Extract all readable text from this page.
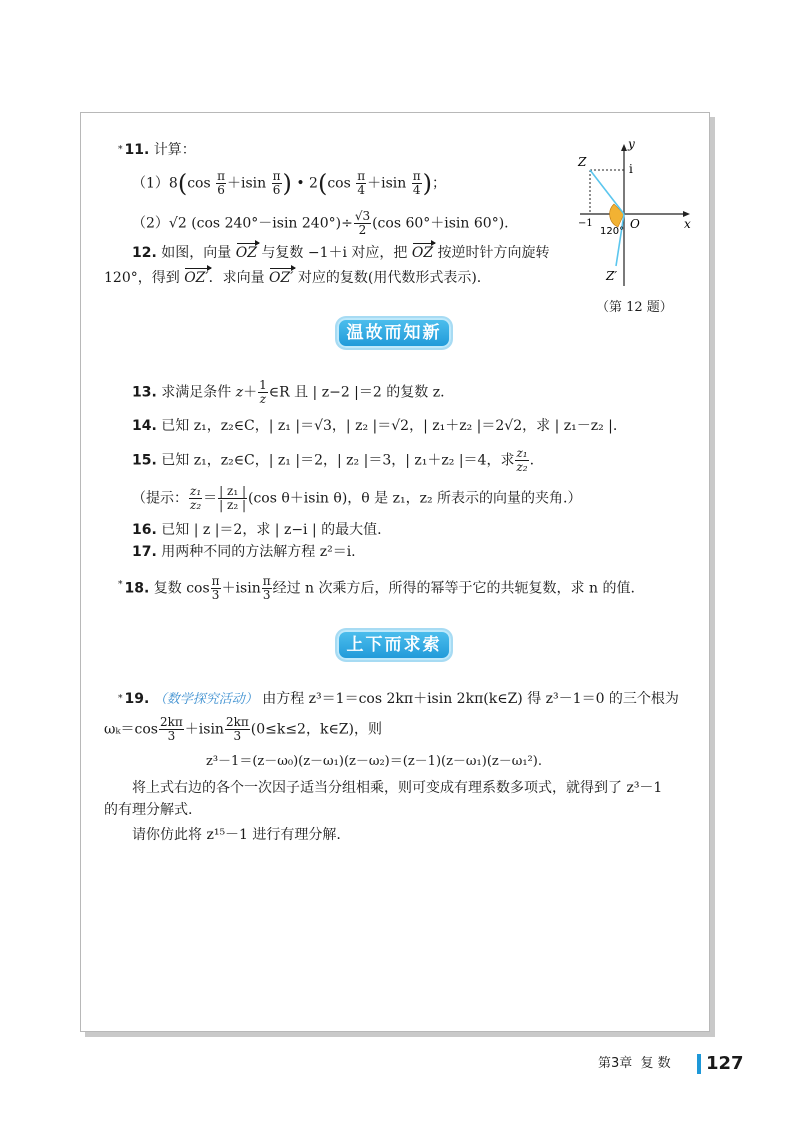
y
i
Z
−1	O	x
120°
Z′
（第 12 题）
* 11. 计算：
$(1)8(\cos \frac{\pi}{6} +isin \frac{\pi}{6}$ ) • $2(\cos \frac{\pi}{4} +isin \frac{\pi}{4}$ )；
（2）√2 (cos 240°－isin $240^\circ)\div \frac{√3}{2} (\cos$ 60°＋isin 60°).
12. 如图，向量 OZ 与复数 −1＋i 对应，把 OZ 按逆时针方向旋转
120°，得到 OZ′．求向量 OZ′ 对应的复数(用代数形式表示).
温故而知新
13. 求满足条件 $z+ \frac{1}{z}$ ∈R 且 | z−2 |＝2 的复数 z.
14. 已知 z₁，z₂∈C，| z₁ |＝√3，| z₂ |＝√2，| z₁＋z₂ |＝2√2，求 | z₁－z₂ |.
15. 已知 z₁，z₂∈C，| z₁ |＝2，| z₂ |＝3，| z₁＋z₂ |＝4，求 $\frac{\text{z₁}}{\text{z₂}}$ .
（提示： $\frac{\text{z₁}}{\text{z₂}} = \frac{\text{| z₁ |}}{\text{| z₂ |}} (\cos$ θ＋isin θ)，θ 是 z₁，z₂ 所表示的向量的夹角.）
16. 已知 | z |＝2，求 | z−i | 的最大值.
17. 用两种不同的方法解方程 z²＝i.
* 18. 复数 $\cos \frac{\pi}{3} +isin \frac{\pi}{3}$ 经过 n 次乘方后，所得的幂等于它的共轭复数，求 n 的值.
上下而求索
* 19. （数学探究活动） 由方程 z³＝1＝cos 2kπ＋isin 2kπ(k∈Z) 得 z³－1＝0 的三个根为
$\omega_k=\cos \frac{2k\pi}{3} +isin \frac{2k\pi}{3} (0\le k\le 2$，k∈Z)，则
z³－1＝(z－ω₀)(z－ω₁)(z－ω₂)＝(z－1)(z－ω₁)(z－ω₁²).
将上式右边的各个一次因子适当分组相乘，则可变成有理系数多项式，就得到了 z³－1
的有理分解式.
请你仿此将 z¹⁵－1 进行有理分解.
第3章 复 数 127
